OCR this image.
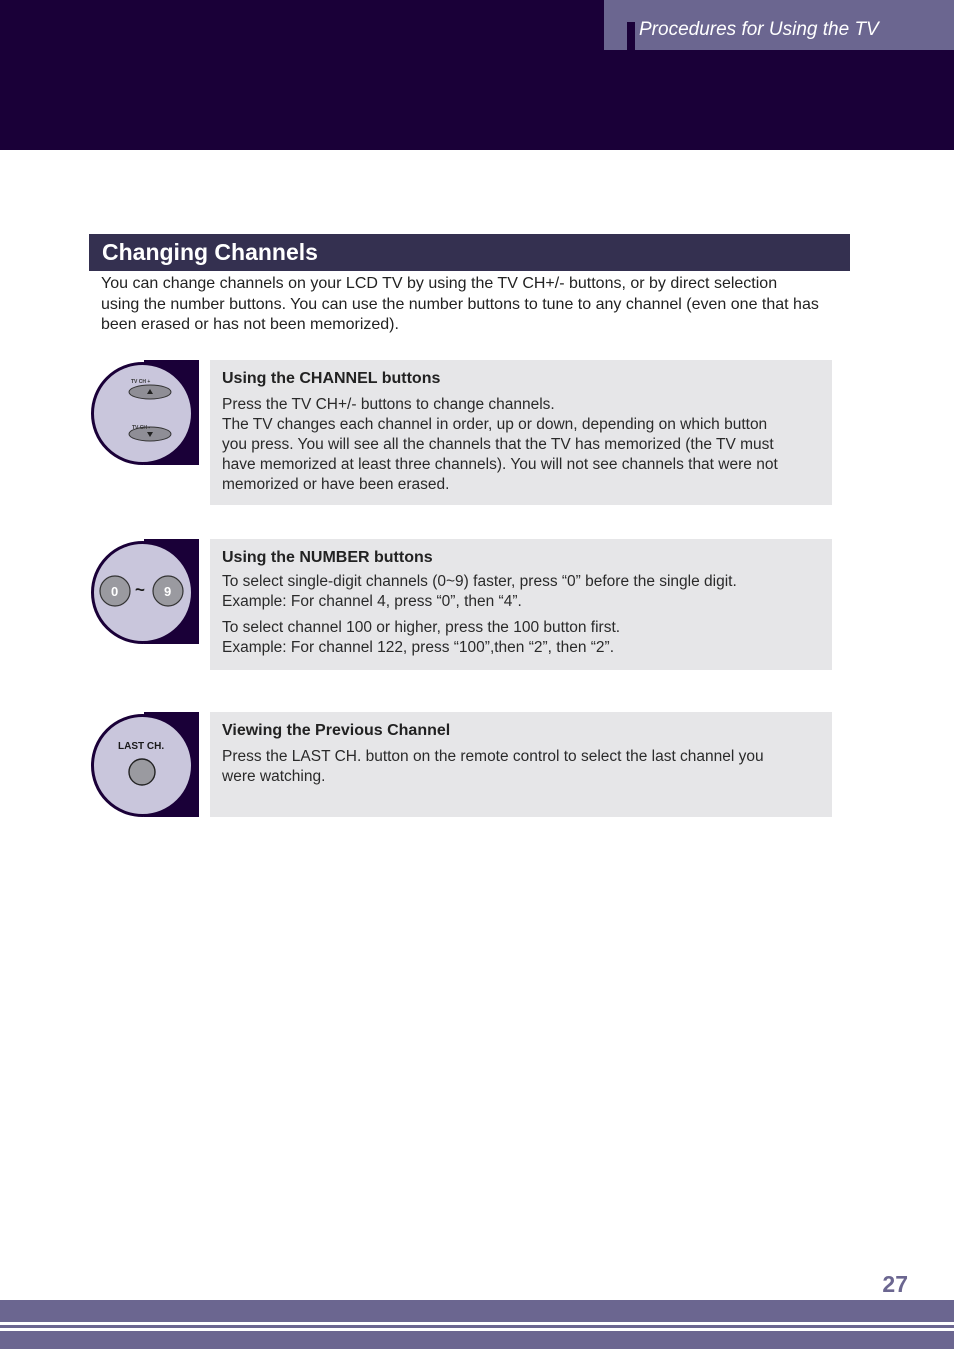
Procedures for Using the TV
Changing Channels
You can change channels on your LCD TV by using the TV CH+/- buttons, or by direct selection
using the number buttons. You can use the number buttons to tune to any channel (even one that has
been erased or has not been memorized).
TV CH +
TV CH -
Using the CHANNEL buttons

Press the TV CH+/- buttons to change channels.
The TV changes each channel in order, up or down, depending on which button
you press. You will see all the channels that the TV has memorized (the TV must
have memorized at least three channels). You will not see channels that were not
memorized or have been erased.

0 ~ 9
Using the NUMBER buttons

To select single-digit channels (0~9) faster, press “0” before the single digit.
Example: For channel 4, press “0”, then “4”.

To select channel 100 or higher, press the 100 button first.
Example: For channel 122, press “100”,then “2”, then “2”.

LAST CH.
Viewing the Previous Channel

Press the LAST CH. button on the remote control to select the last channel you
were watching.

27
